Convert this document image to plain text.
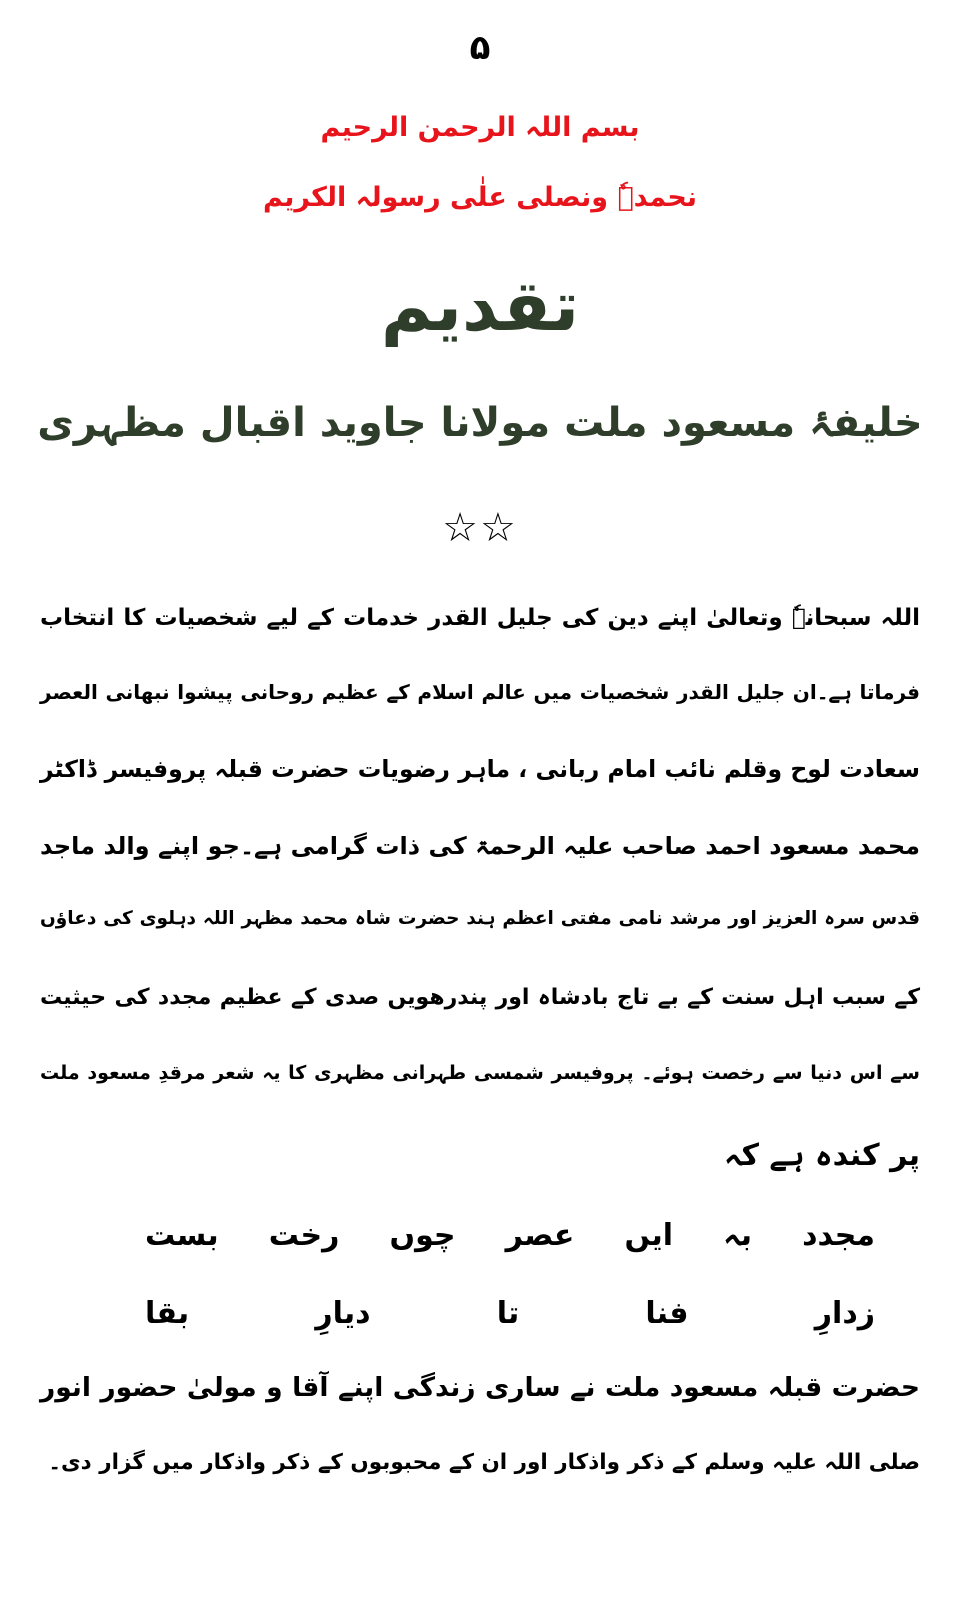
۵
بسم اللہ الرحمن الرحیم
نحمدہٗ ونصلی علٰی رسولہ الکریم
تقدیم
خلیفۂ مسعود ملت مولانا جاوید اقبال مظہری
☆☆
اللہ سبحانہٗ وتعالیٰ اپنے دین کی جلیل القدر خدمات کے لیے شخصیات کا انتخاب
فرماتا ہے۔ان جلیل القدر شخصیات میں عالم اسلام کے عظیم روحانی پیشوا نبھانی العصر
سعادت لوح وقلم نائب امام ربانی ، ماہر رضویات حضرت قبلہ پروفیسر ڈاکٹر
محمد مسعود احمد صاحب علیہ الرحمۃ کی ذات گرامی ہے۔جو اپنے والد ماجد
قدس سرہ العزیز اور مرشد نامی مفتی اعظم ہند حضرت شاہ محمد مظہر اللہ دہلوی کی دعاؤں
کے سبب اہل سنت کے بے تاج بادشاہ اور پندرھویں صدی کے عظیم مجدد کی حیثیت
سے اس دنیا سے رخصت ہوئے۔ پروفیسر شمسی طہرانی مظہری کا یہ شعر مرقدِ مسعود ملت
پر کندہ ہے کہ
مجدد
بہ
ایں
عصر
چوں
رخت
بست
زدارِ
فنا
تا
دیارِ
بقا
حضرت قبلہ مسعود ملت نے ساری زندگی اپنے آقا و مولیٰ حضور انور
صلی اللہ علیہ وسلم کے ذکر واذکار اور ان کے محبوبوں کے ذکر واذکار میں گزار دی۔
